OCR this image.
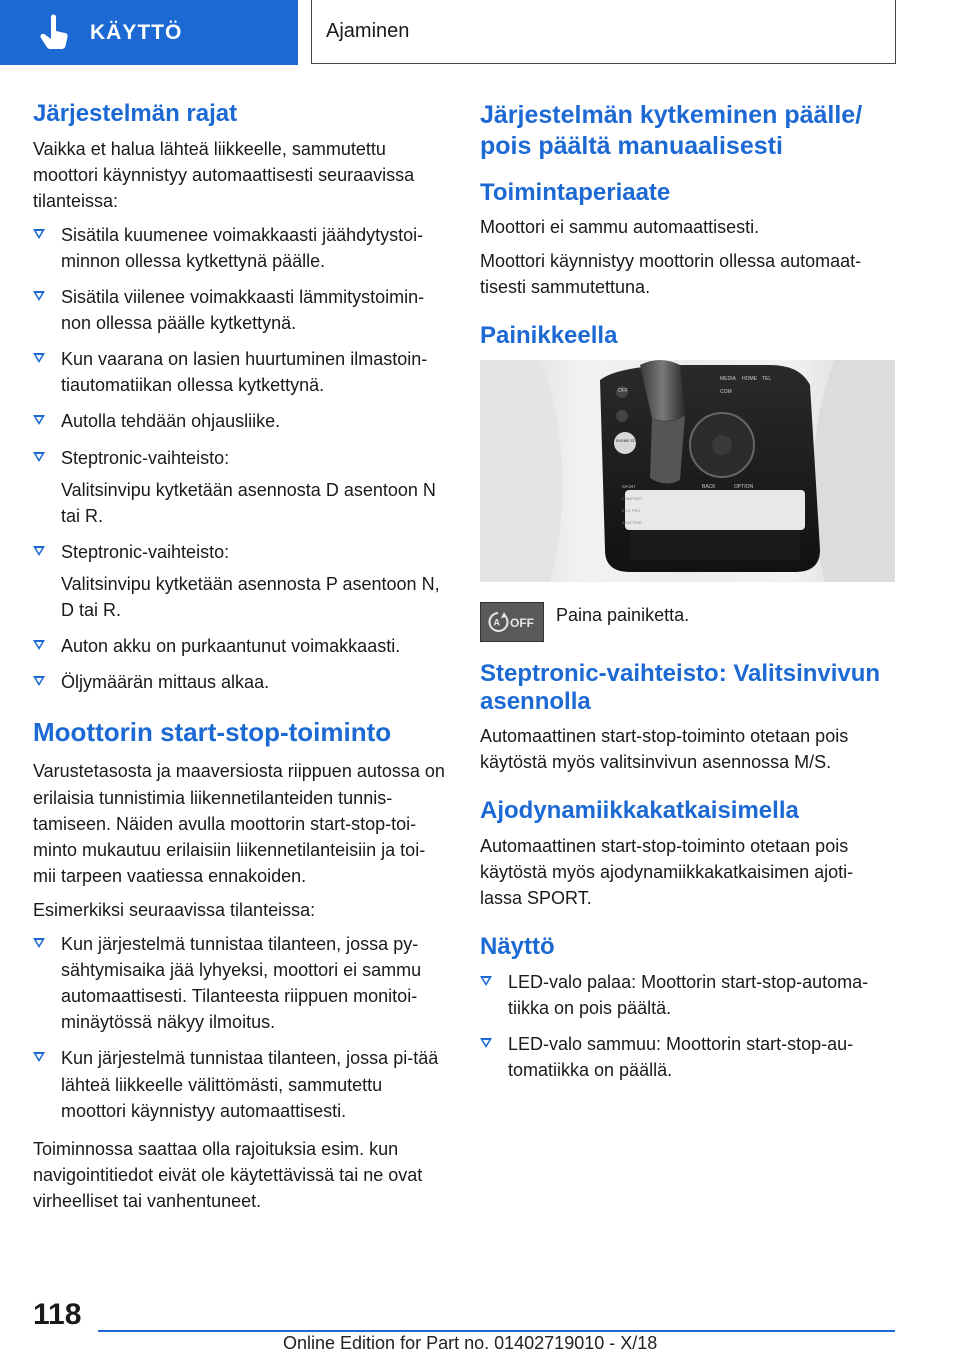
KÄYTTÖ	Ajaminen
Järjestelmän rajat

Vaikka et halua lähteä liikkeelle, sammutettu moottori käynnistyy automaattisesti seuraavissa tilanteissa:

Sisätila kuumenee voimakkaasti jäähdytystoi-minnon ollessa kytkettynä päälle.
Sisätila viilenee voimakkaasti lämmitystoimin-non ollessa päälle kytkettynä.
Kun vaarana on lasien huurtuminen ilmastoin-tiautomatiikan ollessa kytkettynä.
Autolla tehdään ohjausliike.
Steptronic-vaihteisto:
Valitsinvipu kytketään asennosta D asentoon N tai R.
Steptronic-vaihteisto:
Valitsinvipu kytketään asennosta P asentoon N, D tai R.
Auton akku on purkaantunut voimakkaasti.
Öljymäärän mittaus alkaa.
Moottorin start-stop-toiminto

Varustetasosta ja maaversiosta riippuen autossa on erilaisia tunnistimia liikennetilanteiden tunnis-tamiseen. Näiden avulla moottorin start-stop-toi-minto mukautuu erilaisiin liikennetilanteisiin ja toi-mii tarpeen vaatiessa ennakoiden.

Esimerkiksi seuraavissa tilanteissa:

Kun järjestelmä tunnistaa tilanteen, jossa py-sähtymisaika jää lyhyeksi, moottori ei sammu automaattisesti. Tilanteesta riippuen monitoi-minäytössä näkyy ilmoitus.
Kun järjestelmä tunnistaa tilanteen, jossa pi-tää lähteä liikkeelle välittömästi, sammutettu moottori käynnistyy automaattisesti.

Toiminnossa saattaa olla rajoituksia esim. kun navigointitiedot eivät ole käytettävissä tai ne ovat virheelliset tai vanhentuneet.

Järjestelmän kytkeminen päälle/ pois päältä manuaalisesti
Toimintaperiaate

Moottori ei sammu automaattisesti.

Moottori käynnistyy moottorin ollessa automaat-tisesti sammutettuna.

Painikkeella
MEDIA HOME TEL
COM
BACK	OPTION
OFF
SPORT
COMFORT
ECO PRO
ADAPTIVE
ENGINE START STOP
A OFF Paina painiketta.

Steptronic-vaihteisto: Valitsinvivun asennolla

Automaattinen start-stop-toiminto otetaan pois käytöstä myös valitsinvivun asennossa M/S.

Ajodynamiikkakatkaisimella

Automaattinen start-stop-toiminto otetaan pois käytöstä myös ajodynamiikkakatkaisimen ajoti-lassa SPORT.

Näyttö
LED-valo palaa: Moottorin start-stop-automa-tiikka on pois päältä.
LED-valo sammuu: Moottorin start-stop-au-tomatiikka on päällä.
118
Online Edition for Part no. 01402719010 - X/18
